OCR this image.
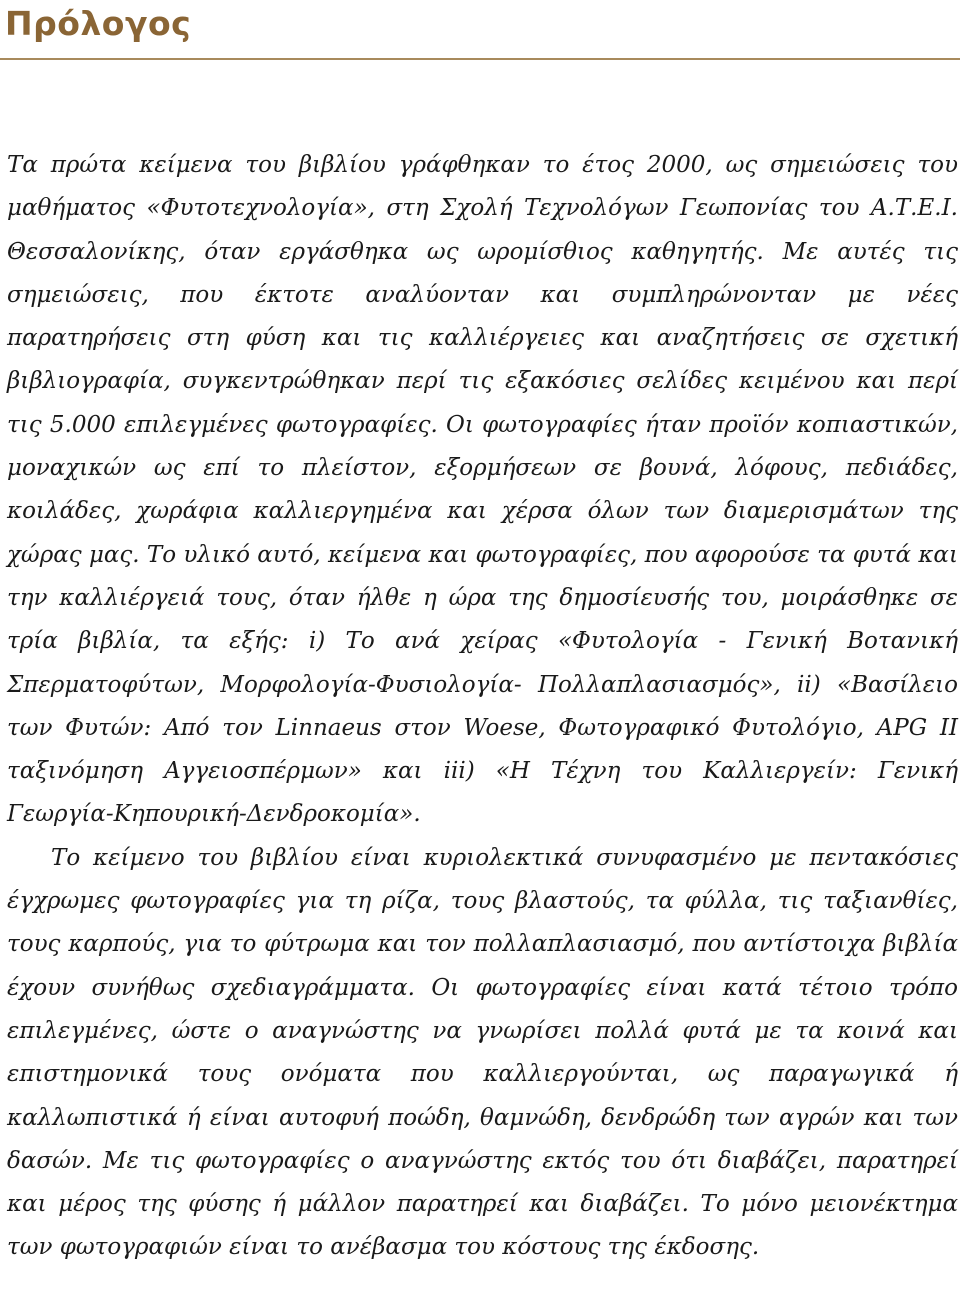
Πρόλογος

Τα πρώτα κείμενα του βιβλίου γράφθηκαν το έτος 2000, ως σημειώσεις του μαθήματος «Φυτοτεχνολογία», στη Σχολή Τεχνολόγων Γεωπονίας του Α.Τ.Ε.Ι. Θεσσαλονίκης, όταν εργάσθηκα ως ωρομίσθιος καθηγητής. Με αυτές τις σημειώσεις, που έκτοτε αναλύονταν και συμπληρώνονταν με νέες παρατηρήσεις στη φύση και τις καλλιέργειες και αναζητήσεις σε σχετική βιβλιογραφία, συγκεντρώθηκαν περί τις εξακόσιες σελίδες κειμένου και περί τις 5.000 επιλεγμένες φωτογραφίες. Οι φωτογραφίες ήταν προϊόν κοπιαστικών, μοναχικών ως επί το πλείστον, εξορμήσεων σε βουνά, λόφους, πεδιάδες, κοιλάδες, χωράφια καλλιεργημένα και χέρσα όλων των διαμερισμάτων της χώρας μας. Το υλικό αυτό, κείμενα και φωτογραφίες, που αφορούσε τα φυτά και την καλλιέργειά τους, όταν ήλθε η ώρα της δημοσίευσής του, μοιράσθηκε σε τρία βιβλία, τα εξής: i) Το ανά χείρας «Φυτολογία - Γενική Βοτανική Σπερματοφύτων, Μορφολογία-Φυσιολογία- Πολλαπλασιασμός», ii) «Βασίλειο των Φυτών: Από τον Linnaeus στον Woese, Φωτογραφικό Φυτολόγιο, APG II ταξινόμηση Αγγειοσπέρμων» και iii) «Η Τέχνη του Καλλιεργείν: Γενική Γεωργία-Κηπουρική-Δενδροκομία».

Το κείμενο του βιβλίου είναι κυριολεκτικά συνυφασμένο με πεντακόσιες έγχρωμες φωτογραφίες για τη ρίζα, τους βλαστούς, τα φύλλα, τις ταξιανθίες, τους καρπούς, για το φύτρωμα και τον πολλαπλασιασμό, που αντίστοιχα βιβλία έχουν συνήθως σχεδιαγράμματα. Οι φωτογραφίες είναι κατά τέτοιο τρόπο επιλεγμένες, ώστε ο αναγνώστης να γνωρίσει πολλά φυτά με τα κοινά και επιστημονικά τους ονόματα που καλλιεργούνται, ως παραγωγικά ή καλλωπιστικά ή είναι αυτοφυή ποώδη, θαμνώδη, δενδρώδη των αγρών και των δασών. Με τις φωτογραφίες ο αναγνώστης εκτός του ότι διαβάζει, παρατηρεί και μέρος της φύσης ή μάλλον παρατηρεί και διαβάζει. Το μόνο μειονέκτημα των φωτογραφιών είναι το ανέβασμα του κόστους της έκδοσης.
